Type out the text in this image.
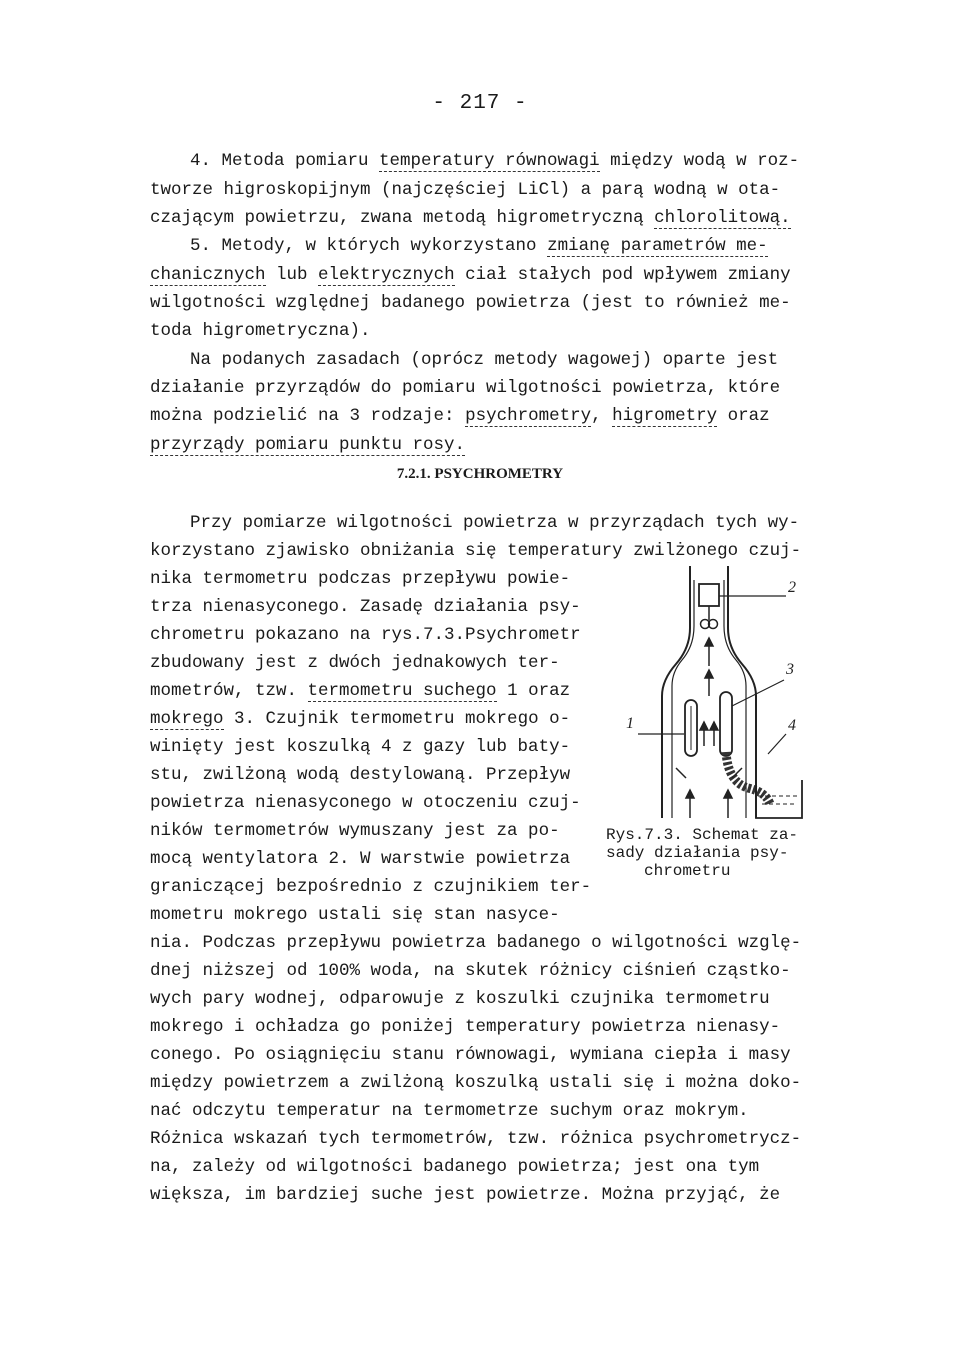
- 217 -
4. Metoda pomiaru temperatury równowagi między wodą w roz-
tworze higroskopijnym (najczęściej LiCl) a parą wodną w ota-
czającym powietrzu, zwana metodą higrometryczną chlorolitową.
5. Metody, w których wykorzystano zmianę parametrów me-
chanicznych lub elektrycznych ciał stałych pod wpływem zmiany
wilgotności względnej badanego powietrza (jest to również me-
toda higrometryczna).
Na podanych zasadach (oprócz metody wagowej) oparte jest
działanie przyrządów do pomiaru wilgotności powietrza, które
można podzielić na 3 rodzaje: psychrometry, higrometry oraz
przyrządy pomiaru punktu rosy.
Przy pomiarze wilgotności powietrza w przyrządach tych wy-
korzystano zjawisko obniżania się temperatury zwilżonego czuj-
nika termometru podczas przepływu powie-
trza nienasyconego. Zasadę działania psy-
chrometru pokazano na rys.7.3.Psychrometr
zbudowany jest z dwóch jednakowych ter-
mometrów, tzw. termometru suchego 1 oraz
mokrego 3. Czujnik termometru mokrego o-
winięty jest koszulką 4 z gazy lub baty-
stu, zwilżoną wodą destylowaną. Przepływ
powietrza nienasyconego w otoczeniu czuj-
ników termometrów wymuszany jest za po-
mocą wentylatora 2. W warstwie powietrza
graniczącej bezpośrednio z czujnikiem ter-
mometru mokrego ustali się stan nasyce-
nia. Podczas przepływu powietrza badanego o wilgotności wzglę-
dnej niższej od 100% woda, na skutek różnicy ciśnień cząstko-
wych pary wodnej, odparowuje z koszulki czujnika termometru
mokrego i ochładza go poniżej temperatury powietrza nienasy-
conego. Po osiągnięciu stanu równowagi, wymiana ciepła i masy
między powietrzem a zwilżoną koszulką ustali się i można doko-
nać odczytu temperatur na termometrze suchym oraz mokrym.
Różnica wskazań tych termometrów, tzw. różnica psychrometrycz-
na, zależy od wilgotności badanego powietrza; jest ona tym
większa, im bardziej suche jest powietrze. Można przyjąć, że
7.2.1. PSYCHROMETRY
1
2
3
4
Rys.7.3. Schemat za-
sady działania psy-
chrometru
